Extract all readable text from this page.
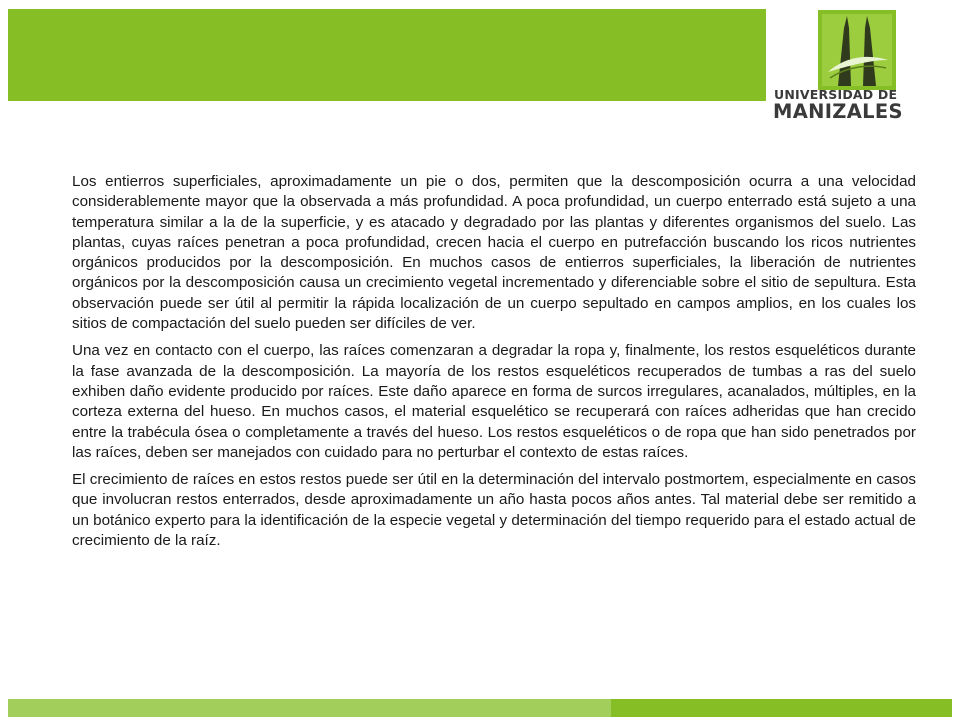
UNIVERSIDAD DE
MANIZALES

Los entierros superficiales, aproximadamente un pie o dos, permiten que la descomposición ocurra a una velocidad considerablemente mayor que la observada a más profundidad. A poca profundidad, un cuerpo enterrado está sujeto a una temperatura similar a la de la superficie, y es atacado y degradado por las plantas y diferentes organismos del suelo. Las plantas, cuyas raíces penetran a poca profundidad, crecen hacia el cuerpo en putrefacción buscando los ricos nutrientes orgánicos producidos por la descomposición. En muchos casos de entierros superficiales, la liberación de nutrientes orgánicos por la descomposición causa un crecimiento vegetal incrementado y diferenciable sobre el sitio de sepultura. Esta observación puede ser útil al permitir la rápida localización de un cuerpo sepultado en campos amplios, en los cuales los sitios de compactación del suelo pueden ser difíciles de ver.

Una vez en contacto con el cuerpo, las raíces comenzaran a degradar la ropa y, finalmente, los restos esqueléticos durante la fase avanzada de la descomposición. La mayoría de los restos esqueléticos recuperados de tumbas a ras del suelo exhiben daño evidente producido por raíces. Este daño aparece en forma de surcos irregulares, acanalados, múltiples, en la corteza externa del hueso. En muchos casos, el material esquelético se recuperará con raíces adheridas que han crecido entre la trabécula ósea o completamente a través del hueso. Los restos esqueléticos o de ropa que han sido penetrados por las raíces, deben ser manejados con cuidado para no perturbar el contexto de estas raíces.

El crecimiento de raíces en estos restos puede ser útil en la determinación del intervalo postmortem, especialmente en casos que involucran restos enterrados, desde aproximadamente un año hasta pocos años antes. Tal material debe ser remitido a un botánico experto para la identificación de la especie vegetal y determinación del tiempo requerido para el estado actual de crecimiento de la raíz.
